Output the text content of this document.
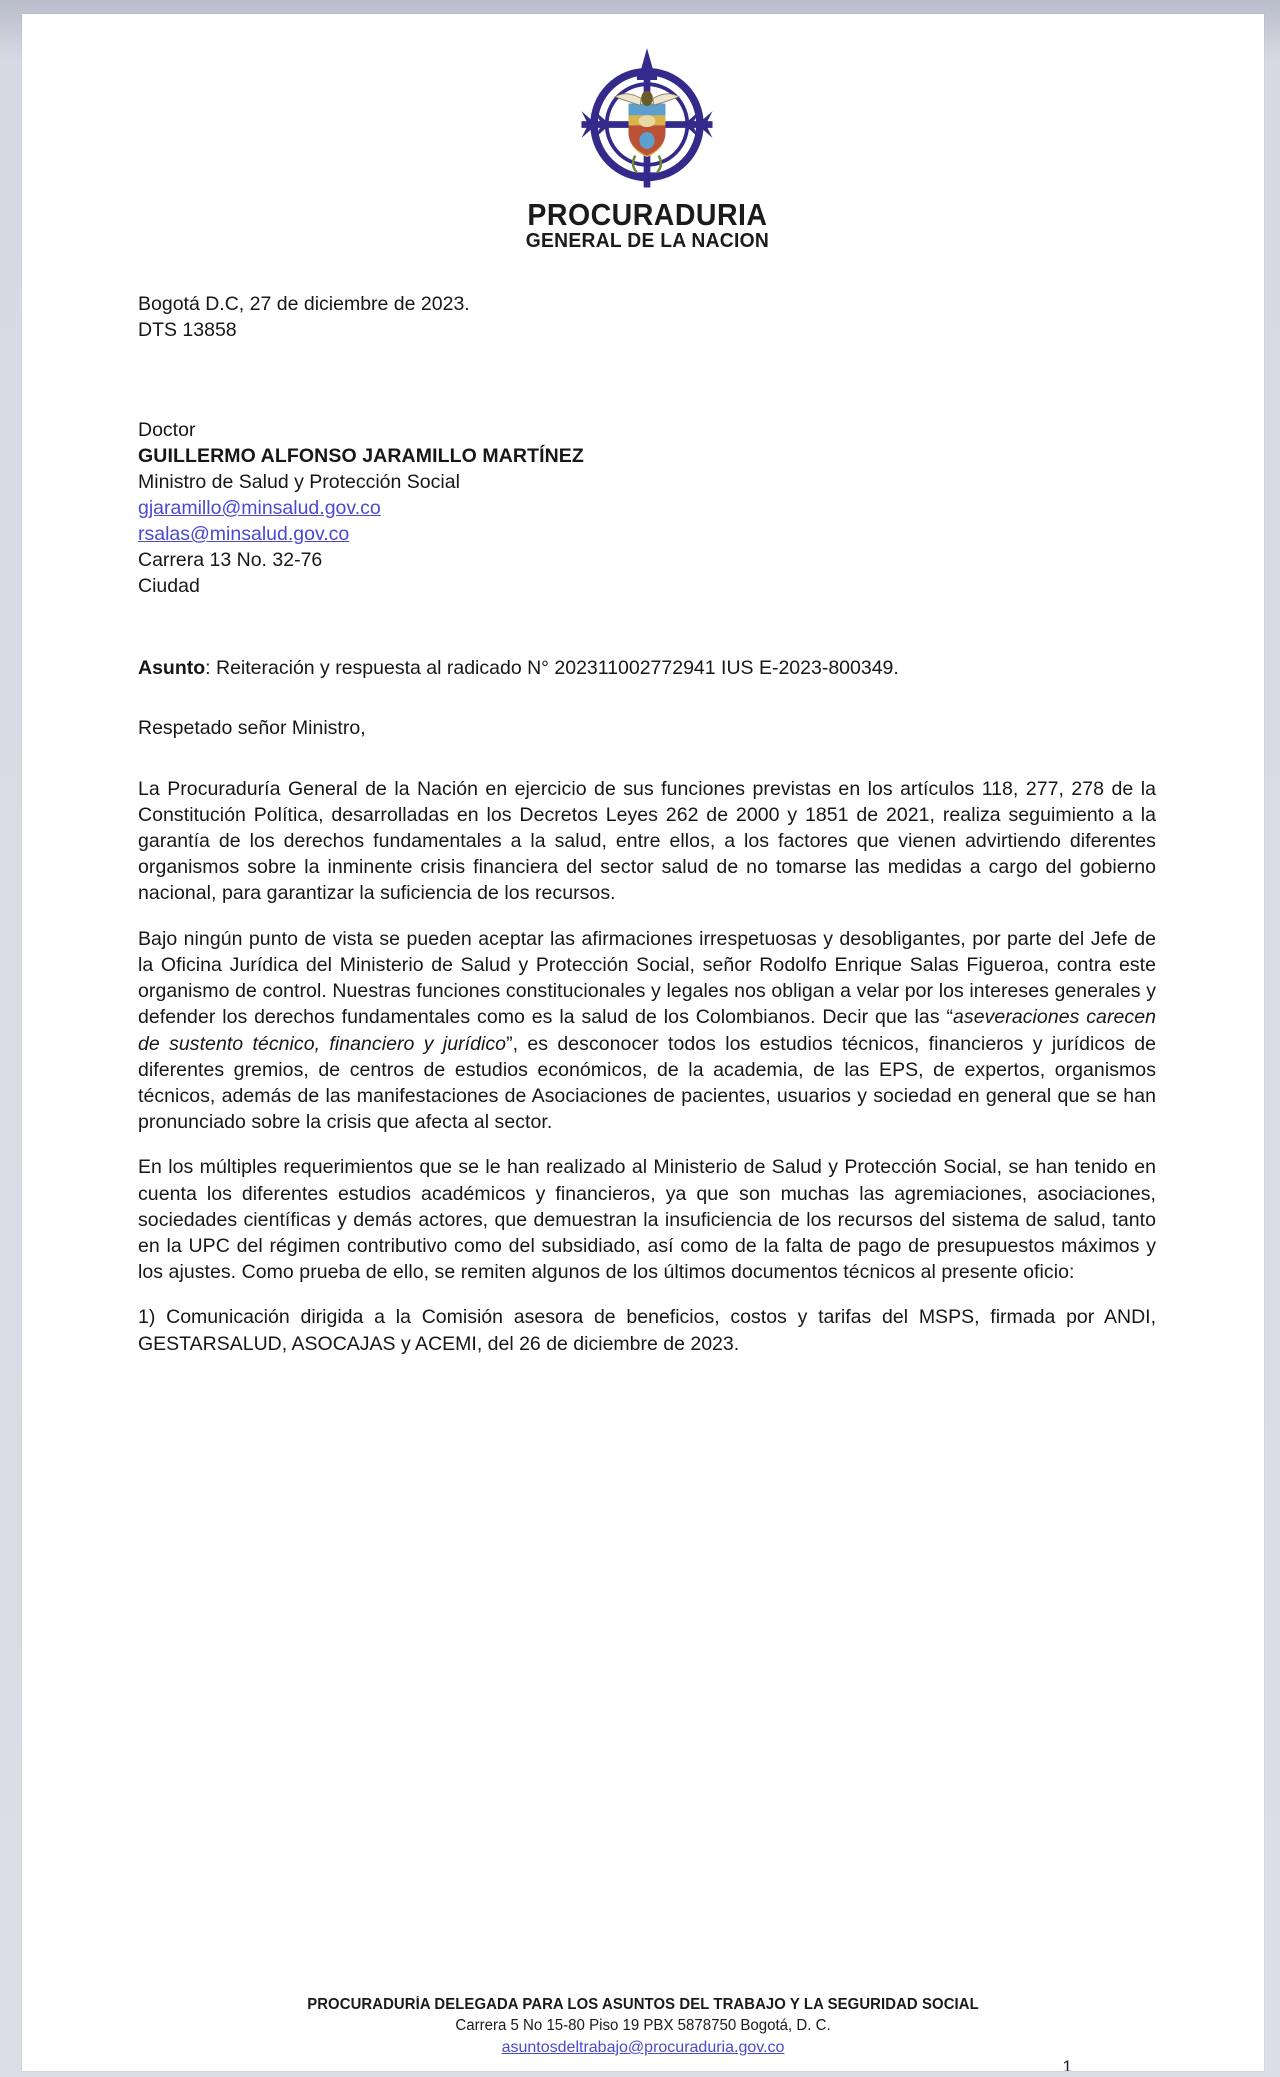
PROCURADURIA
GENERAL DE LA NACION
Bogotá D.C, 27 de diciembre de 2023.
DTS 13858
Doctor
GUILLERMO ALFONSO JARAMILLO MARTÍNEZ
Ministro de Salud y Protección Social
gjaramillo@minsalud.gov.co
rsalas@minsalud.gov.co
Carrera 13 No. 32-76
Ciudad
Asunto: Reiteración y respuesta al radicado N° 202311002772941 IUS E-2023-800349.
Respetado señor Ministro,

La Procuraduría General de la Nación en ejercicio de sus funciones previstas en los artículos 118, 277, 278 de la Constitución Política, desarrolladas en los Decretos Leyes 262 de 2000 y 1851 de 2021, realiza seguimiento a la garantía de los derechos fundamentales a la salud, entre ellos, a los factores que vienen advirtiendo diferentes organismos sobre la inminente crisis financiera del sector salud de no tomarse las medidas a cargo del gobierno nacional, para garantizar la suficiencia de los recursos.

Bajo ningún punto de vista se pueden aceptar las afirmaciones irrespetuosas y desobligantes, por parte del Jefe de la Oficina Jurídica del Ministerio de Salud y Protección Social, señor Rodolfo Enrique Salas Figueroa, contra este organismo de control. Nuestras funciones constitucionales y legales nos obligan a velar por los intereses generales y defender los derechos fundamentales como es la salud de los Colombianos. Decir que las “aseveraciones carecen de sustento técnico, financiero y jurídico”, es desconocer todos los estudios técnicos, financieros y jurídicos de diferentes gremios, de centros de estudios económicos, de la academia, de las EPS, de expertos, organismos técnicos, además de las manifestaciones de Asociaciones de pacientes, usuarios y sociedad en general que se han pronunciado sobre la crisis que afecta al sector.

En los múltiples requerimientos que se le han realizado al Ministerio de Salud y Protección Social, se han tenido en cuenta los diferentes estudios académicos y financieros, ya que son muchas las agremiaciones, asociaciones, sociedades científicas y demás actores, que demuestran la insuficiencia de los recursos del sistema de salud, tanto en la UPC del régimen contributivo como del subsidiado, así como de la falta de pago de presupuestos máximos y los ajustes. Como prueba de ello, se remiten algunos de los últimos documentos técnicos al presente oficio:

1) Comunicación dirigida a la Comisión asesora de beneficios, costos y tarifas del MSPS, firmada por ANDI, GESTARSALUD, ASOCAJAS y ACEMI, del 26 de diciembre de 2023.

PROCURADURÍA DELEGADA PARA LOS ASUNTOS DEL TRABAJO Y LA SEGURIDAD SOCIAL
Carrera 5 No 15-80 Piso 19 PBX 5878750 Bogotá, D. C.
asuntosdeltrabajo@procuraduria.gov.co
1
